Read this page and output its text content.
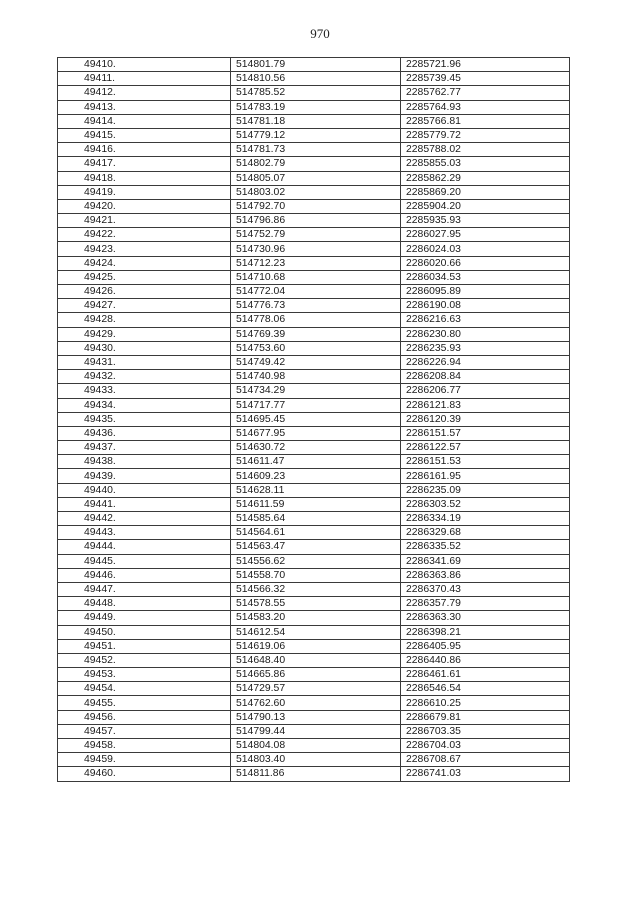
970
49410.	514801.79	2285721.96
49411.	514810.56	2285739.45
49412.	514785.52	2285762.77
49413.	514783.19	2285764.93
49414.	514781.18	2285766.81
49415.	514779.12	2285779.72
49416.	514781.73	2285788.02
49417.	514802.79	2285855.03
49418.	514805.07	2285862.29
49419.	514803.02	2285869.20
49420.	514792.70	2285904.20
49421.	514796.86	2285935.93
49422.	514752.79	2286027.95
49423.	514730.96	2286024.03
49424.	514712.23	2286020.66
49425.	514710.68	2286034.53
49426.	514772.04	2286095.89
49427.	514776.73	2286190.08
49428.	514778.06	2286216.63
49429.	514769.39	2286230.80
49430.	514753.60	2286235.93
49431.	514749.42	2286226.94
49432.	514740.98	2286208.84
49433.	514734.29	2286206.77
49434.	514717.77	2286121.83
49435.	514695.45	2286120.39
49436.	514677.95	2286151.57
49437.	514630.72	2286122.57
49438.	514611.47	2286151.53
49439.	514609.23	2286161.95
49440.	514628.11	2286235.09
49441.	514611.59	2286303.52
49442.	514585.64	2286334.19
49443.	514564.61	2286329.68
49444.	514563.47	2286335.52
49445.	514556.62	2286341.69
49446.	514558.70	2286363.86
49447.	514566.32	2286370.43
49448.	514578.55	2286357.79
49449.	514583.20	2286363.30
49450.	514612.54	2286398.21
49451.	514619.06	2286405.95
49452.	514648.40	2286440.86
49453.	514665.86	2286461.61
49454.	514729.57	2286546.54
49455.	514762.60	2286610.25
49456.	514790.13	2286679.81
49457.	514799.44	2286703.35
49458.	514804.08	2286704.03
49459.	514803.40	2286708.67
49460.	514811.86	2286741.03
